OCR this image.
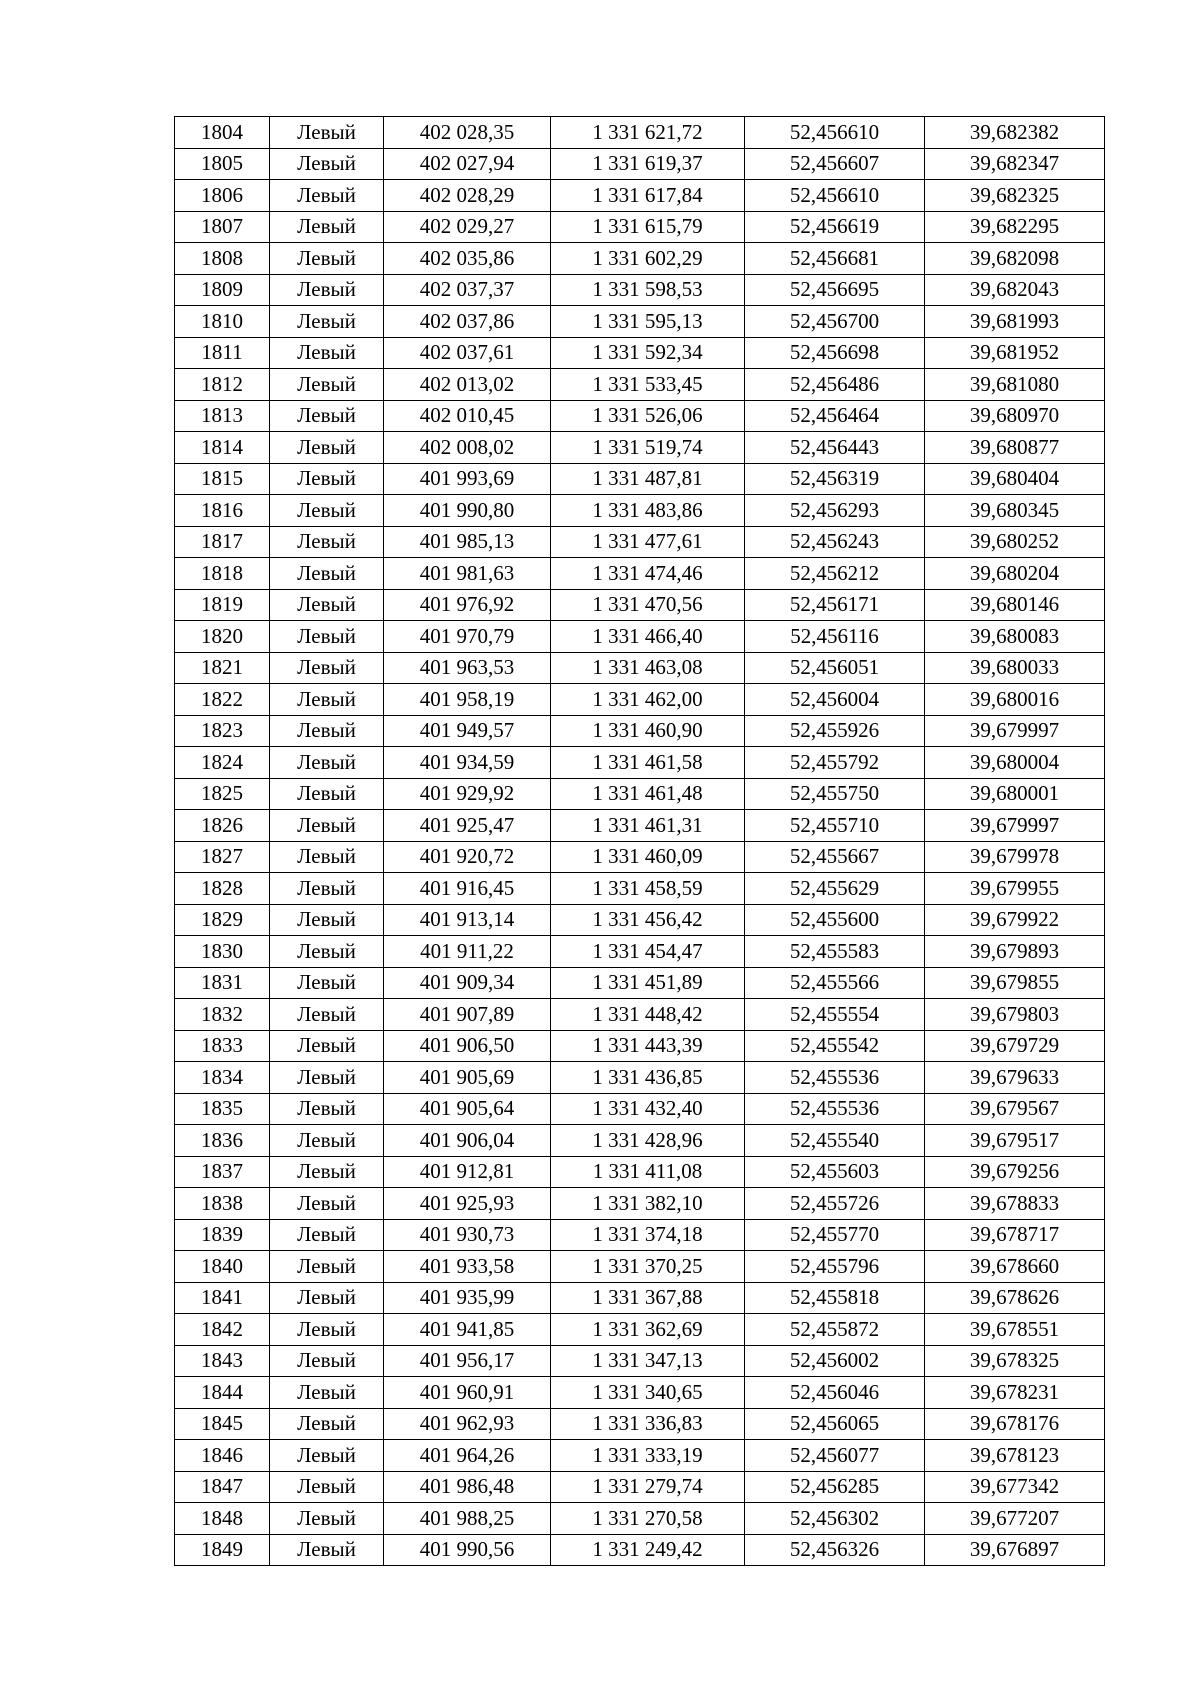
1804	Левый	402 028,35	1 331 621,72	52,456610	39,682382
1805	Левый	402 027,94	1 331 619,37	52,456607	39,682347
1806	Левый	402 028,29	1 331 617,84	52,456610	39,682325
1807	Левый	402 029,27	1 331 615,79	52,456619	39,682295
1808	Левый	402 035,86	1 331 602,29	52,456681	39,682098
1809	Левый	402 037,37	1 331 598,53	52,456695	39,682043
1810	Левый	402 037,86	1 331 595,13	52,456700	39,681993
1811	Левый	402 037,61	1 331 592,34	52,456698	39,681952
1812	Левый	402 013,02	1 331 533,45	52,456486	39,681080
1813	Левый	402 010,45	1 331 526,06	52,456464	39,680970
1814	Левый	402 008,02	1 331 519,74	52,456443	39,680877
1815	Левый	401 993,69	1 331 487,81	52,456319	39,680404
1816	Левый	401 990,80	1 331 483,86	52,456293	39,680345
1817	Левый	401 985,13	1 331 477,61	52,456243	39,680252
1818	Левый	401 981,63	1 331 474,46	52,456212	39,680204
1819	Левый	401 976,92	1 331 470,56	52,456171	39,680146
1820	Левый	401 970,79	1 331 466,40	52,456116	39,680083
1821	Левый	401 963,53	1 331 463,08	52,456051	39,680033
1822	Левый	401 958,19	1 331 462,00	52,456004	39,680016
1823	Левый	401 949,57	1 331 460,90	52,455926	39,679997
1824	Левый	401 934,59	1 331 461,58	52,455792	39,680004
1825	Левый	401 929,92	1 331 461,48	52,455750	39,680001
1826	Левый	401 925,47	1 331 461,31	52,455710	39,679997
1827	Левый	401 920,72	1 331 460,09	52,455667	39,679978
1828	Левый	401 916,45	1 331 458,59	52,455629	39,679955
1829	Левый	401 913,14	1 331 456,42	52,455600	39,679922
1830	Левый	401 911,22	1 331 454,47	52,455583	39,679893
1831	Левый	401 909,34	1 331 451,89	52,455566	39,679855
1832	Левый	401 907,89	1 331 448,42	52,455554	39,679803
1833	Левый	401 906,50	1 331 443,39	52,455542	39,679729
1834	Левый	401 905,69	1 331 436,85	52,455536	39,679633
1835	Левый	401 905,64	1 331 432,40	52,455536	39,679567
1836	Левый	401 906,04	1 331 428,96	52,455540	39,679517
1837	Левый	401 912,81	1 331 411,08	52,455603	39,679256
1838	Левый	401 925,93	1 331 382,10	52,455726	39,678833
1839	Левый	401 930,73	1 331 374,18	52,455770	39,678717
1840	Левый	401 933,58	1 331 370,25	52,455796	39,678660
1841	Левый	401 935,99	1 331 367,88	52,455818	39,678626
1842	Левый	401 941,85	1 331 362,69	52,455872	39,678551
1843	Левый	401 956,17	1 331 347,13	52,456002	39,678325
1844	Левый	401 960,91	1 331 340,65	52,456046	39,678231
1845	Левый	401 962,93	1 331 336,83	52,456065	39,678176
1846	Левый	401 964,26	1 331 333,19	52,456077	39,678123
1847	Левый	401 986,48	1 331 279,74	52,456285	39,677342
1848	Левый	401 988,25	1 331 270,58	52,456302	39,677207
1849	Левый	401 990,56	1 331 249,42	52,456326	39,676897
